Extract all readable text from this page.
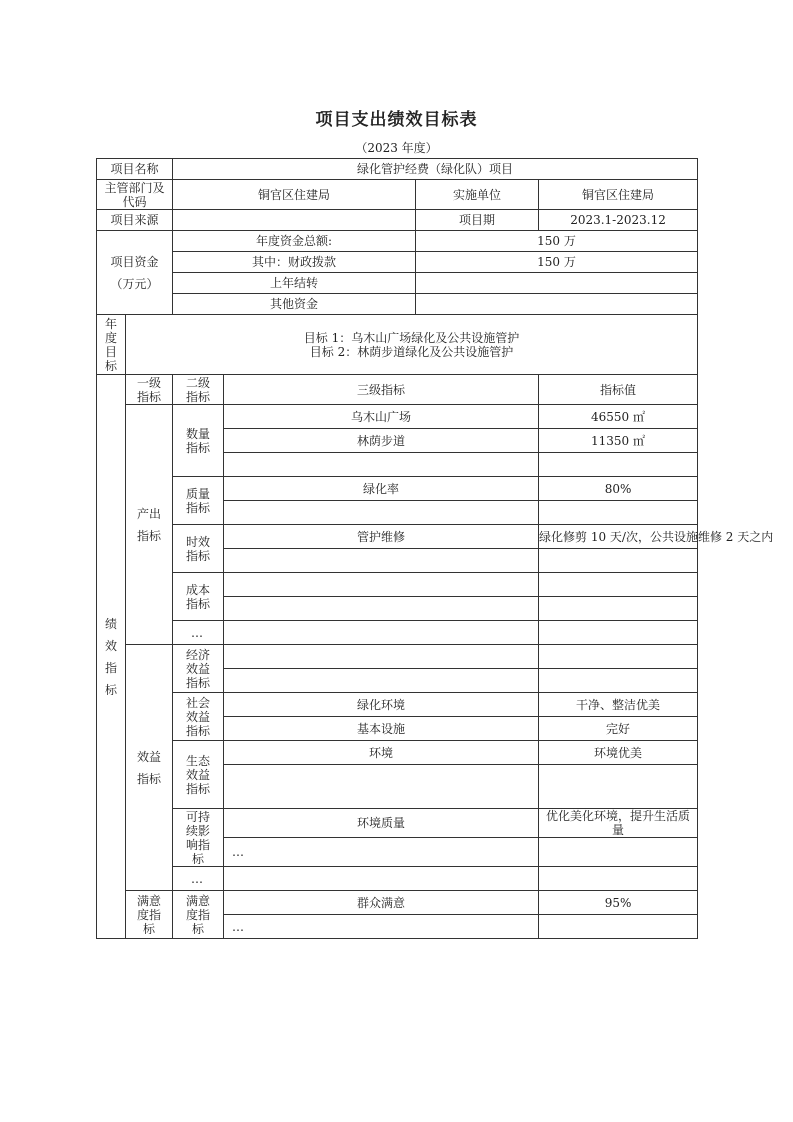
项目支出绩效目标表
（2023 年度）
项目名称		绿化管护经费（绿化队）项目			
主管部门及代码		铜官区住建局		实施单位	铜官区住建局
项目来源				项目期	2023.1-2023.12
项目资金（万元）		年度资金总额:		150 万	
		其中：财政拨款		150 万	
		上年结转			
		其他资金			
年度目标	目标 1：乌木山广场绿化及公共设施管护
目标 2：林荫步道绿化及公共设施管护				

绩效指标	一级指标	二级指标	三级指标		指标值
	产出指标	数量指标	乌木山广场		46550 ㎡
			林荫步道		11350 ㎡

		质量指标	绿化率		80%

		时效指标	管护维修		绿化修剪 10 天/次，公共设施维修 2 天之内

		成本指标			

		…			
	效益指标	经济效益指标			

		社会效益指标	绿化环境		干净、整洁优美
			基本设施		完好
		生态效益指标	环境		环境优美

		可持续影响指标	环境质量		优化美化环境，提升生活质量
			…		
		…			
	满意度指标	满意度指标	群众满意		95%
			…		
